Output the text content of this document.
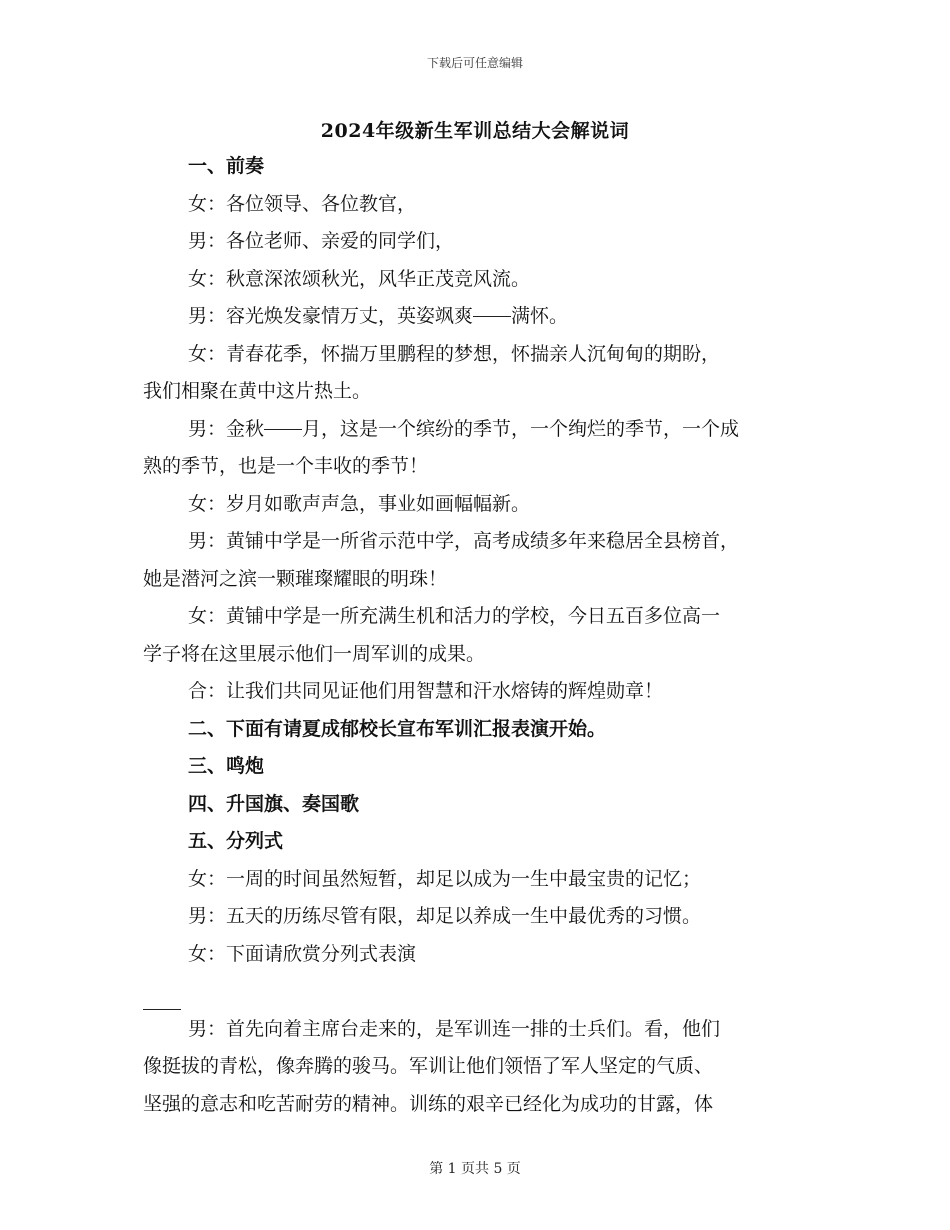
下载后可任意编辑
2024年级新生军训总结大会解说词
一、前奏
女：各位领导、各位教官，
男：各位老师、亲爱的同学们，
女：秋意深浓颂秋光，风华正茂竞风流。
男：容光焕发豪情万丈，英姿飒爽 满怀。
女：青春花季，怀揣万里鹏程的梦想，怀揣亲人沉甸甸的期盼，
我们相聚在黄中这片热土。
男：金秋 月，这是一个缤纷的季节，一个绚烂的季节，一个成
熟的季节，也是一个丰收的季节！
女：岁月如歌声声急，事业如画幅幅新。
男：黄铺中学是一所省示范中学，高考成绩多年来稳居全县榜首，
她是潜河之滨一颗璀璨耀眼的明珠！
女：黄铺中学是一所充满生机和活力的学校，今日五百多位高一
学子将在这里展示他们一周军训的成果。
合：让我们共同见证他们用智慧和汗水熔铸的辉煌勋章！
二、下面有请夏成郁校长宣布军训汇报表演开始。
三、鸣炮
四、升国旗、奏国歌
五、分列式
女：一周的时间虽然短暂，却足以成为一生中最宝贵的记忆；
男：五天的历练尽管有限，却足以养成一生中最优秀的习惯。
女：下面请欣赏分列式表演
男：首先向着主席台走来的，是军训连一排的士兵们。看，他们
像挺拔的青松，像奔腾的骏马。军训让他们领悟了军人坚定的气质、
坚强的意志和吃苦耐劳的精神。训练的艰辛已经化为成功的甘露，体
第 1 页共 5 页
